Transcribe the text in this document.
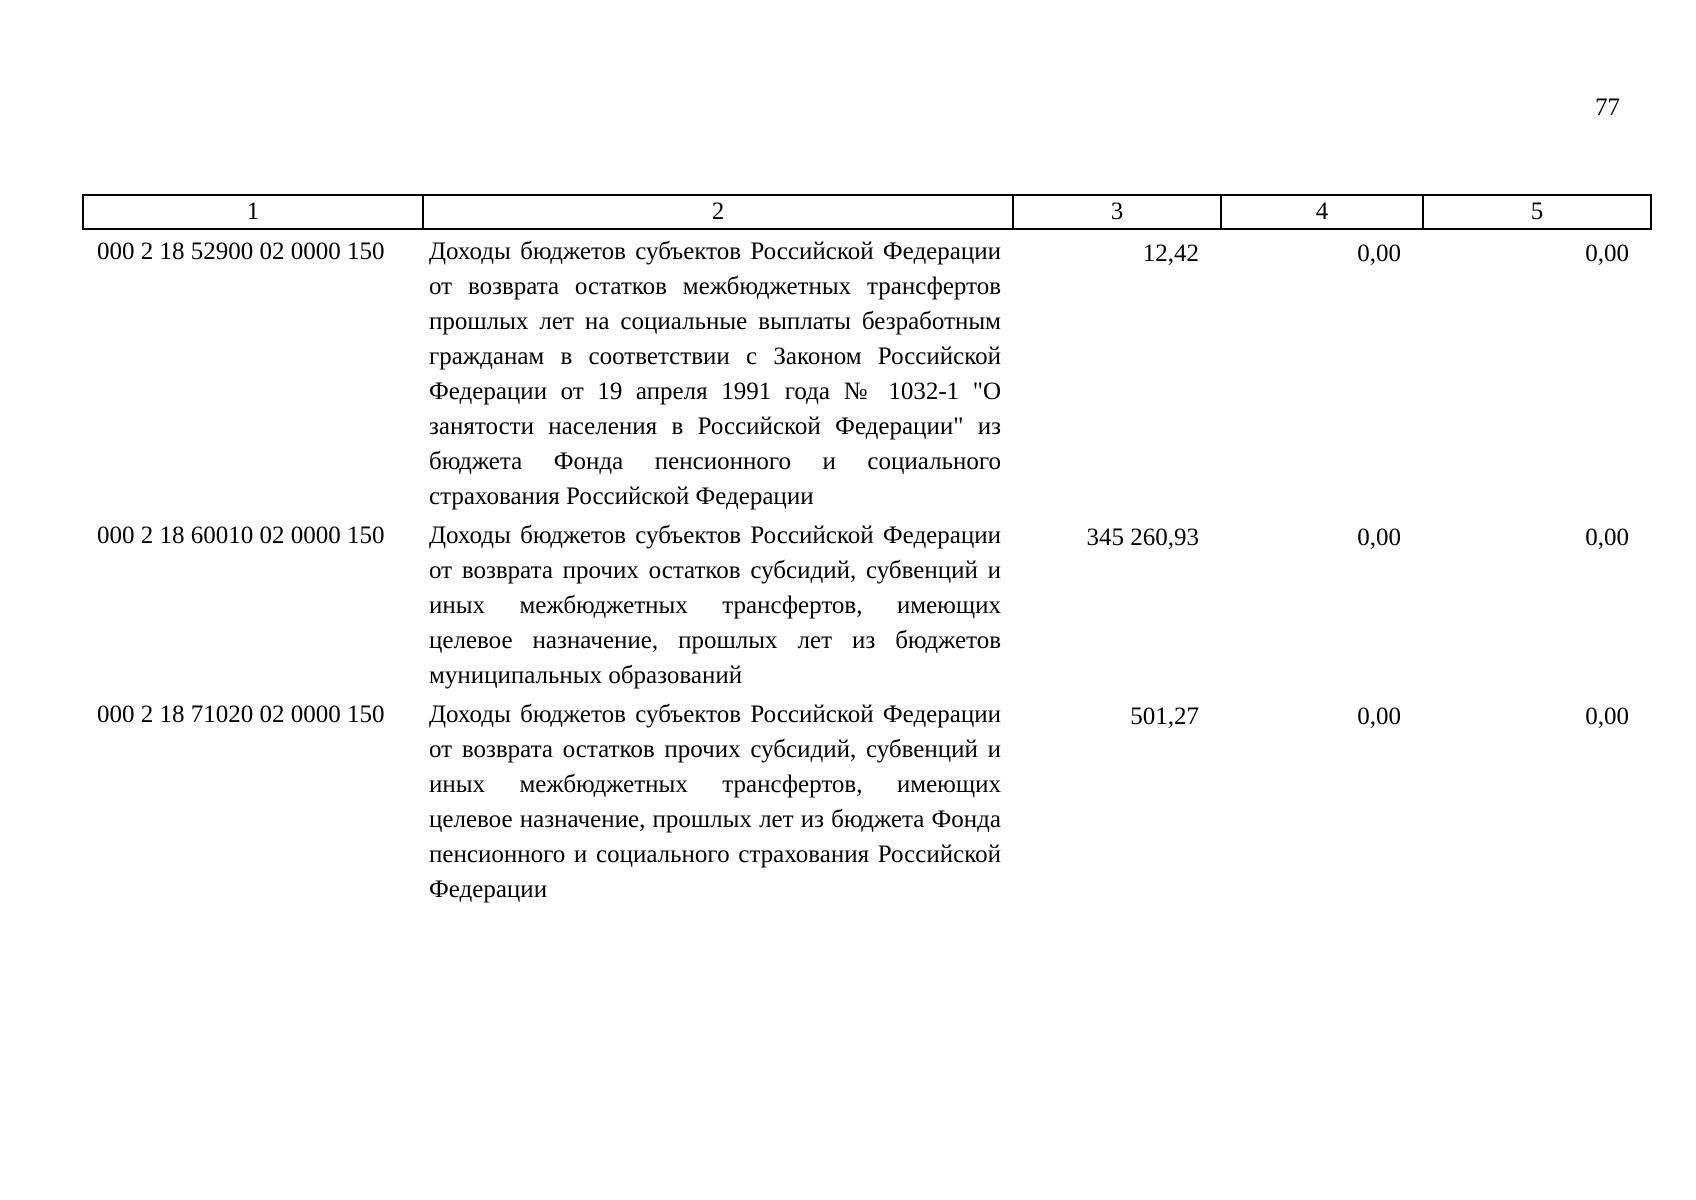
77
1	2	3	4	5
000 2 18 52900 02 0000 150	Доходы бюджетов субъектов Российской Федерации от возврата остатков межбюджетных трансфертов прошлых лет на социальные выплаты безработным гражданам в соответствии с Законом Российской Федерации от 19 апреля 1991 года № 1032-1 "О занятости населения в Российской Федерации" из бюджета Фонда пенсионного и социального страхования Российской Федерации	12,42	0,00	0,00
000 2 18 60010 02 0000 150	Доходы бюджетов субъектов Российской Федерации от возврата прочих остатков субсидий, субвенций и иных межбюджетных трансфертов, имеющих целевое назначение, прошлых лет из бюджетов муниципальных образований	345 260,93	0,00	0,00
000 2 18 71020 02 0000 150	Доходы бюджетов субъектов Российской Федерации от возврата остатков прочих субсидий, субвенций и иных межбюджетных трансфертов, имеющих целевое назначение, прошлых лет из бюджета Фонда пенсионного и социального страхования Российской Федерации	501,27	0,00	0,00
